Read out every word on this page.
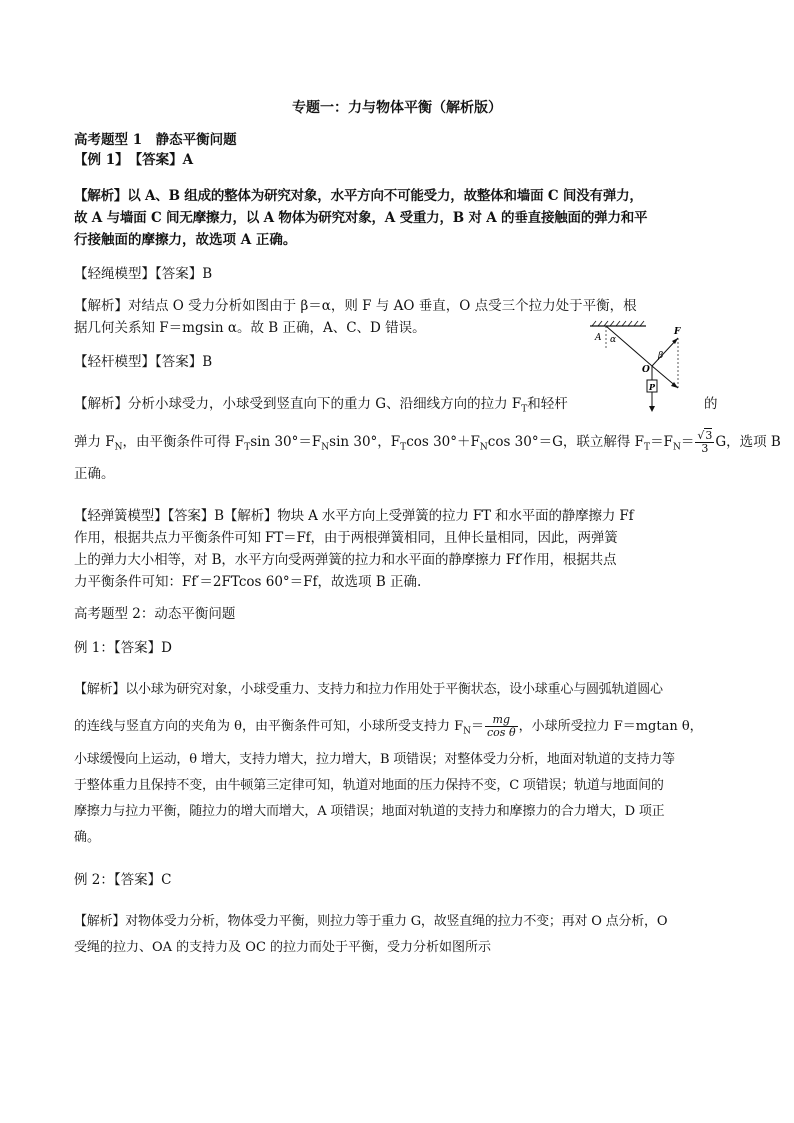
专题一：力与物体平衡（解析版）
高考题型 1　静态平衡问题
【例 1】　【答案】A
【解析】以 A、B 组成的整体为研究对象，水平方向不可能受力，故整体和墙面 C 间没有弹力，
故 A 与墙面 C 间无摩擦力，以 A 物体为研究对象，A 受重力，B 对 A 的垂直接触面的弹力和平
行接触面的摩擦力，故选项 A 正确。
【轻绳模型】【答案】B
【解析】对结点 O 受力分析如图由于 β＝α，则 F 与 AO 垂直，O 点受三个拉力处于平衡，根
据几何关系知 F＝mgsin α。故 B 正确，A、C、D 错误。
【轻杆模型】【答案】B
【解析】分析小球受力，小球受到竖直向下的重力 G、沿细线方向的拉力 $F_T$和轻杆	的
弹力 $F_N$，由平衡条件可得 $F_T\sin$ $30^\circ=F_N\sin$ 30°，$F_T\cos$ $30^\circ+F_N\cos$ 30°＝G，联立解得 $F_T=F_N= \frac{√3}{3}$ G，选项 B
正确。
【轻弹簧模型】【答案】B【解析】物块 A 水平方向上受弹簧的拉力 FT 和水平面的静摩擦力 Ff
作用，根据共点力平衡条件可知 FT＝Ff，由于两根弹簧相同，且伸长量相同，因此，两弹簧
上的弹力大小相等，对 B，水平方向受两弹簧的拉力和水平面的静摩擦力 Ff′作用，根据共点
力平衡条件可知：Ff′＝2FTcos 60°＝Ff，故选项 B 正确.
高考题型 2：动态平衡问题
例 1：【答案】D
【解析】以小球为研究对象，小球受重力、支持力和拉力作用处于平衡状态，设小球重心与圆弧轨道圆心
的连线与竖直方向的夹角为 θ，由平衡条件可知，小球所受支持力 $F_N= \frac{mg}{\text{cos θ}}$ ，小球所受拉力 F＝mgtan θ，
小球缓慢向上运动，θ 增大，支持力增大，拉力增大，B 项错误；对整体受力分析，地面对轨道的支持力等
于整体重力且保持不变，由牛顿第三定律可知，轨道对地面的压力保持不变，C 项错误；轨道与地面间的
摩擦力与拉力平衡，随拉力的增大而增大，A 项错误；地面对轨道的支持力和摩擦力的合力增大，D 项正
确。
例 2：【答案】C
【解析】对物体受力分析，物体受力平衡，则拉力等于重力 G，故竖直绳的拉力不变；再对 O 点分析，O
受绳的拉力、OA 的支持力及 OC 的拉力而处于平衡，受力分析如图所示
A α
F
β
O
P
